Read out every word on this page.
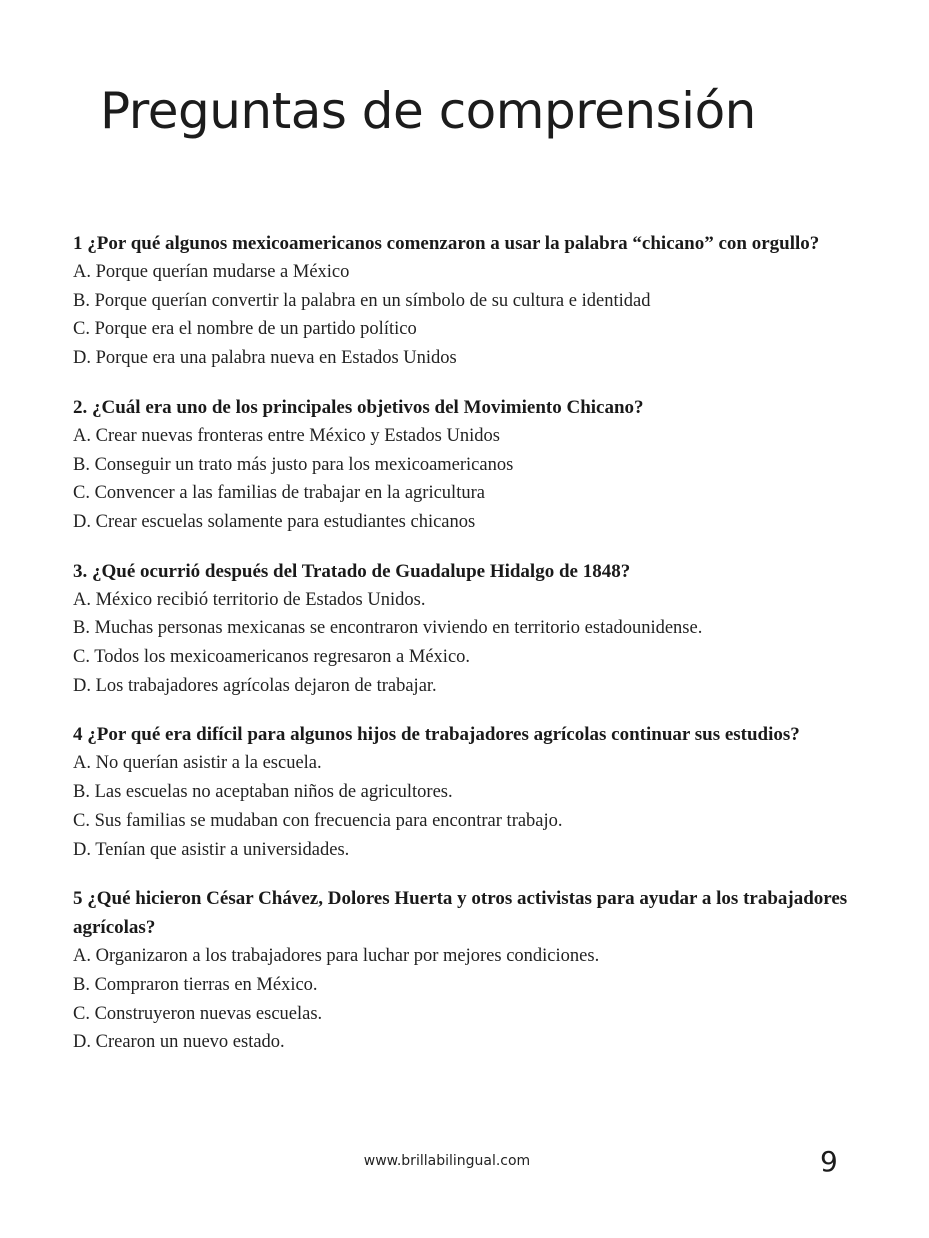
Preguntas de comprensión

1 ¿Por qué algunos mexicoamericanos comenzaron a usar la palabra “chicano” con orgullo?

A. Porque querían mudarse a México

B. Porque querían convertir la palabra en un símbolo de su cultura e identidad

C. Porque era el nombre de un partido político

D. Porque era una palabra nueva en Estados Unidos

2. ¿Cuál era uno de los principales objetivos del Movimiento Chicano?

A. Crear nuevas fronteras entre México y Estados Unidos

B. Conseguir un trato más justo para los mexicoamericanos

C. Convencer a las familias de trabajar en la agricultura

D. Crear escuelas solamente para estudiantes chicanos

3. ¿Qué ocurrió después del Tratado de Guadalupe Hidalgo de 1848?

A. México recibió territorio de Estados Unidos.

B. Muchas personas mexicanas se encontraron viviendo en territorio estadounidense.

C. Todos los mexicoamericanos regresaron a México.

D. Los trabajadores agrícolas dejaron de trabajar.

4 ¿Por qué era difícil para algunos hijos de trabajadores agrícolas continuar sus estudios?

A. No querían asistir a la escuela.

B. Las escuelas no aceptaban niños de agricultores.

C. Sus familias se mudaban con frecuencia para encontrar trabajo.

D. Tenían que asistir a universidades.

5 ¿Qué hicieron César Chávez, Dolores Huerta y otros activistas para ayudar a los trabajadores agrícolas?

A. Organizaron a los trabajadores para luchar por mejores condiciones.

B. Compraron tierras en México.

C. Construyeron nuevas escuelas.

D. Crearon un nuevo estado.

www.brillabilingual.com	9
